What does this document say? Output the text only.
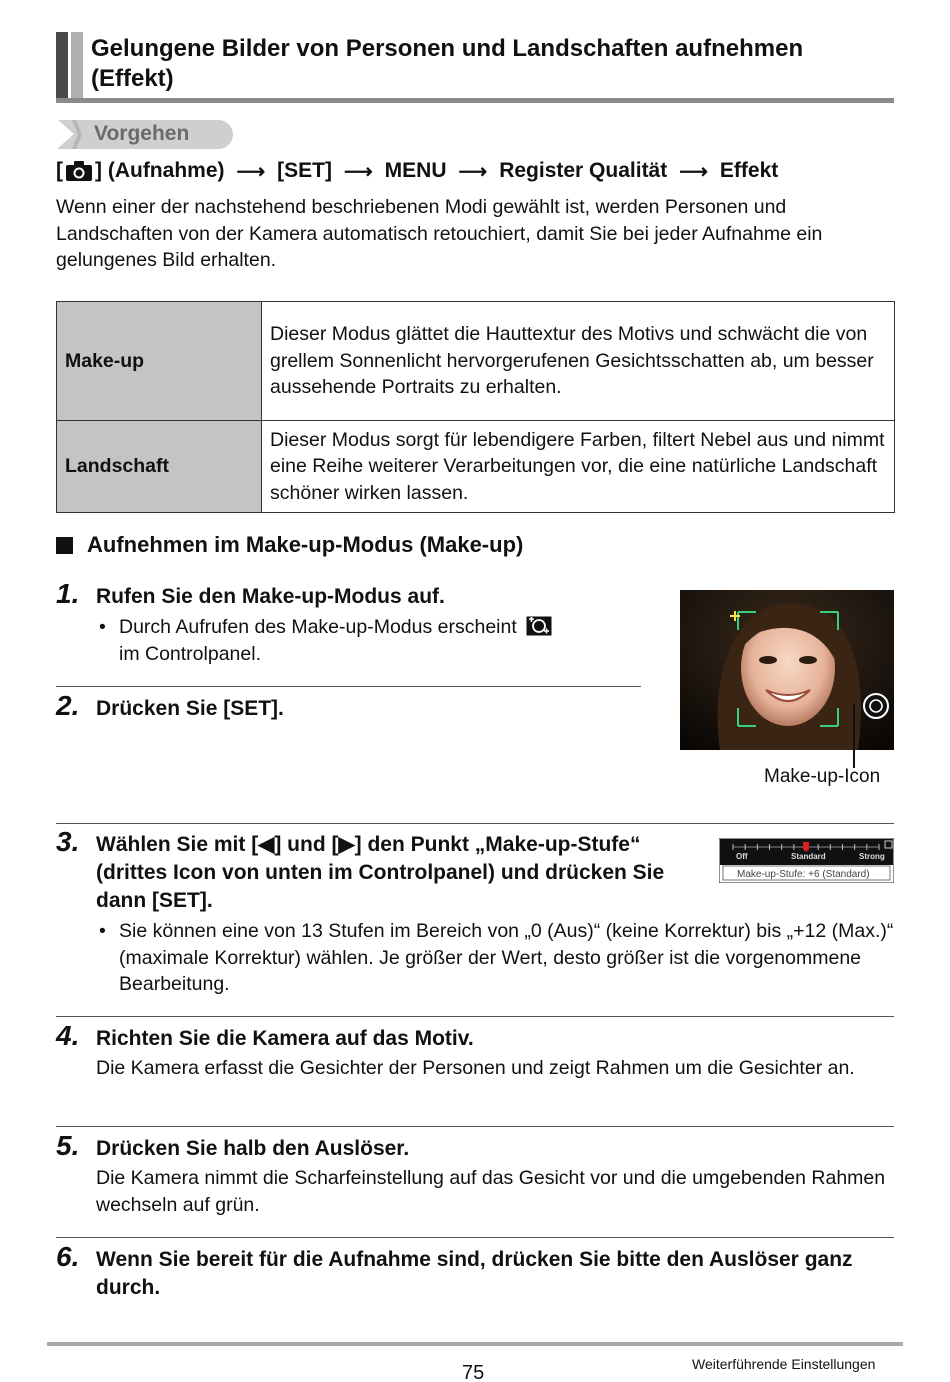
Gelungene Bilder von Personen und Landschaften aufnehmen (Effekt)
Vorgehen
[ ] (Aufnahme) ⟶ [SET] ⟶ MENU ⟶ Register Qualität ⟶ Effekt
Wenn einer der nachstehend beschriebenen Modi gewählt ist, werden Personen und Landschaften von der Kamera automatisch retouchiert, damit Sie bei jeder Aufnahme ein gelungenes Bild erhalten.
Make-up	Dieser Modus glättet die Hauttextur des Motivs und schwächt die von grellem Sonnenlicht hervorgerufenen Gesichtsschatten ab, um besser aussehende Portraits zu erhalten.
Landschaft	Dieser Modus sorgt für lebendigere Farben, filtert Nebel aus und nimmt eine Reihe weiterer Verarbeitungen vor, die eine natürliche Landschaft schöner wirken lassen.
Aufnehmen im Make-up-Modus (Make-up)
1. Rufen Sie den Make-up-Modus auf.
• Durch Aufrufen des Make-up-Modus erscheint
im Controlpanel.
2. Drücken Sie [SET].
Make-up-Icon
3. Wählen Sie mit [◀] und [▶] den Punkt „Make-up-Stufe“ (drittes Icon von unten im Controlpanel) und drücken Sie dann [SET].
Off	Standard	Strong
Make-up-Stufe: +6 (Standard)
• Sie können eine von 13 Stufen im Bereich von „0 (Aus)“ (keine Korrektur) bis „+12 (Max.)“ (maximale Korrektur) wählen. Je größer der Wert, desto größer ist die vorgenommene Bearbeitung.
4. Richten Sie die Kamera auf das Motiv.
Die Kamera erfasst die Gesichter der Personen und zeigt Rahmen um die Gesichter an.
5. Drücken Sie halb den Auslöser.
Die Kamera nimmt die Scharfeinstellung auf das Gesicht vor und die umgebenden Rahmen wechseln auf grün.
6. Wenn Sie bereit für die Aufnahme sind, drücken Sie bitte den Auslöser ganz durch.
75	Weiterführende Einstellungen
